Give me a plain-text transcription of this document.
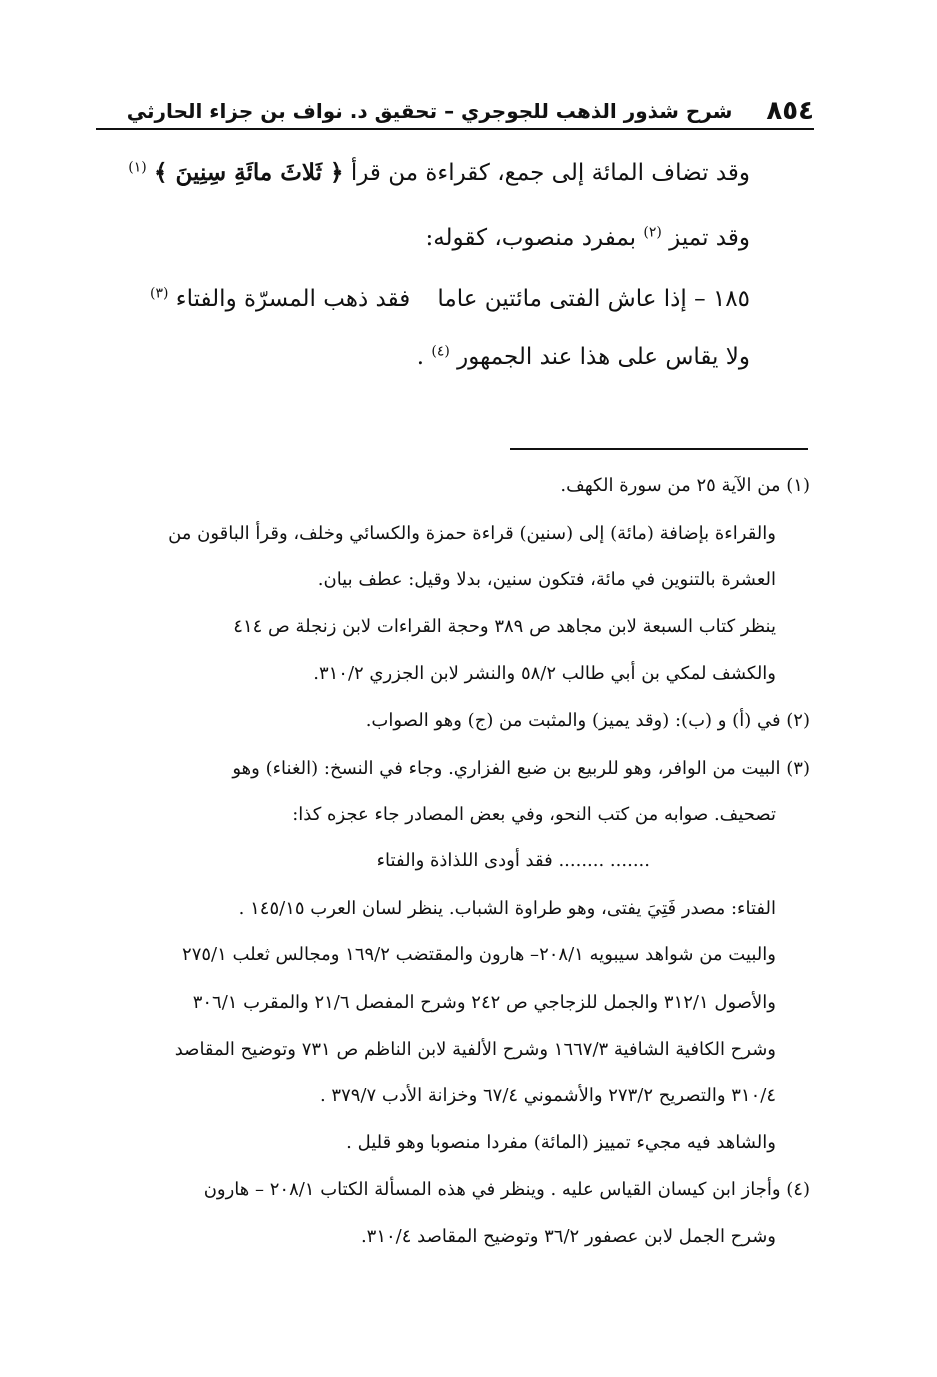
٨٥٤
شرح شذور الذهب للجوجري – تحقيق د. نواف بن جزاء الحارثي
وقد تضاف المائة إلى جمع، كقراءة من قرأ ﴿ ثَلاثَ مائَةِ سِنِينَ ﴾ $^{(١)}$
وقد تميز $^{(٢)}$ بمفرد منصوب، كقوله:
١٨٥ – إذا عاش الفتى مائتين عاما
فقد ذهب المسرّة والفتاء $^{(٣)}$
ولا يقاس على هذا عند الجمهور $^{(٤)}$ .
(١) من الآية ٢٥ من سورة الكهف.
والقراءة بإضافة (مائة) إلى (سنين) قراءة حمزة والكسائي وخلف، وقرأ الباقون من
العشرة بالتنوين في مائة، فتكون سنين، بدلا وقيل: عطف بيان.
ينظر كتاب السبعة لابن مجاهد ص ٣٨٩ وحجة القراءات لابن زنجلة ص ٤١٤
والكشف لمكي بن أبي طالب ٥٨/٢ والنشر لابن الجزري ٣١٠/٢.
(٢) في (أ) و (ب): (وقد يميز) والمثبت من (ج) وهو الصواب.
(٣) البيت من الوافر، وهو للربيع بن ضبع الفزاري. وجاء في النسخ: (الغناء) وهو
تصحيف. صوابه من كتب النحو، وفي بعض المصادر جاء عجزه كذا:
....... ........ فقد أودى اللذاذة والفتاء
الفتاء: مصدر فَتِيَ يفتى، وهو طراوة الشباب. ينظر لسان العرب ١٤٥/١٥ .
والبيت من شواهد سيبويه ٢٠٨/١– هارون والمقتضب ١٦٩/٢ ومجالس ثعلب ٢٧٥/١
والأصول ٣١٢/١ والجمل للزجاجي ص ٢٤٢ وشرح المفصل ٢١/٦ والمقرب ٣٠٦/١
وشرح الكافية الشافية ١٦٦٧/٣ وشرح الألفية لابن الناظم ص ٧٣١ وتوضيح المقاصد
٣١٠/٤ والتصريح ٢٧٣/٢ والأشموني ٦٧/٤ وخزانة الأدب ٣٧٩/٧ .
والشاهد فيه مجيء تمييز (المائة) مفردا منصوبا وهو قليل .
(٤) وأجاز ابن كيسان القياس عليه . وينظر في هذه المسألة الكتاب ٢٠٨/١ – هارون
وشرح الجمل لابن عصفور ٣٦/٢ وتوضيح المقاصد ٣١٠/٤.
